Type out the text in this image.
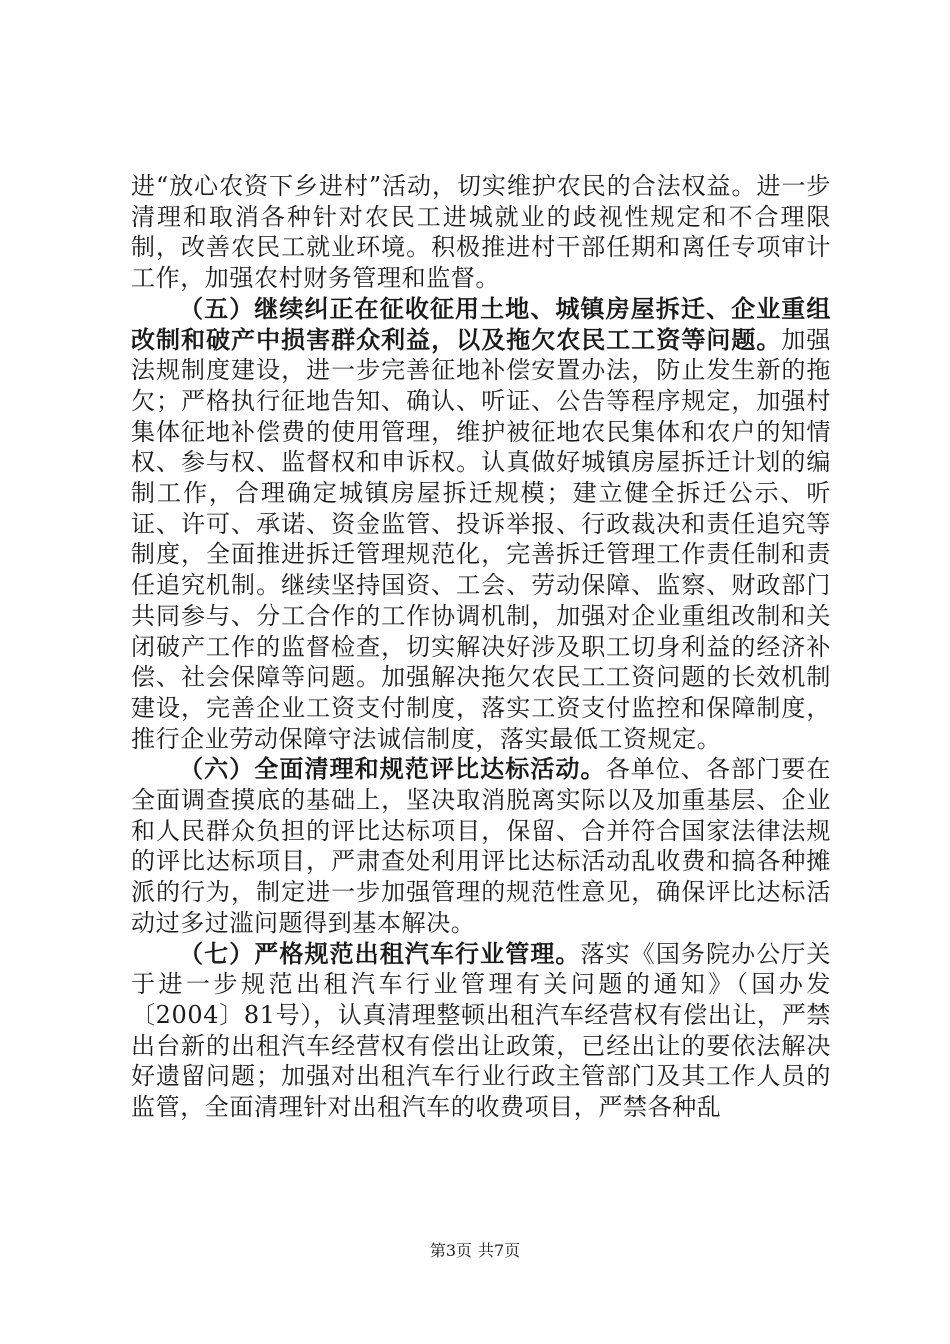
进“放心农资下乡进村”活动，切实维护农民的合法权益。进一步清理和取消各种针对农民工进城就业的歧视性规定和不合理限制，改善农民工就业环境。积极推进村干部任期和离任专项审计工作，加强农村财务管理和监督。

（五）继续纠正在征收征用土地、城镇房屋拆迁、企业重组改制和破产中损害群众利益，以及拖欠农民工工资等问题。加强法规制度建设，进一步完善征地补偿安置办法，防止发生新的拖欠；严格执行征地告知、确认、听证、公告等程序规定，加强村集体征地补偿费的使用管理，维护被征地农民集体和农户的知情权、参与权、监督权和申诉权。认真做好城镇房屋拆迁计划的编制工作，合理确定城镇房屋拆迁规模；建立健全拆迁公示、听证、许可、承诺、资金监管、投诉举报、行政裁决和责任追究等制度，全面推进拆迁管理规范化，完善拆迁管理工作责任制和责任追究机制。继续坚持国资、工会、劳动保障、监察、财政部门共同参与、分工合作的工作协调机制，加强对企业重组改制和关闭破产工作的监督检查，切实解决好涉及职工切身利益的经济补偿、社会保障等问题。加强解决拖欠农民工工资问题的长效机制建设，完善企业工资支付制度，落实工资支付监控和保障制度，推行企业劳动保障守法诚信制度，落实最低工资规定。

（六）全面清理和规范评比达标活动。各单位、各部门要在全面调查摸底的基础上，坚决取消脱离实际以及加重基层、企业和人民群众负担的评比达标项目，保留、合并符合国家法律法规的评比达标项目，严肃查处利用评比达标活动乱收费和搞各种摊派的行为，制定进一步加强管理的规范性意见，确保评比达标活动过多过滥问题得到基本解决。

（七）严格规范出租汽车行业管理。落实《国务院办公厅关于进一步规范出租汽车行业管理有关问题的通知》（国办发〔2004〕81号），认真清理整顿出租汽车经营权有偿出让，严禁出台新的出租汽车经营权有偿出让政策，已经出让的要依法解决好遗留问题；加强对出租汽车行业行政主管部门及其工作人员的监管，全面清理针对出租汽车的收费项目，严禁各种乱

第3页 共7页
